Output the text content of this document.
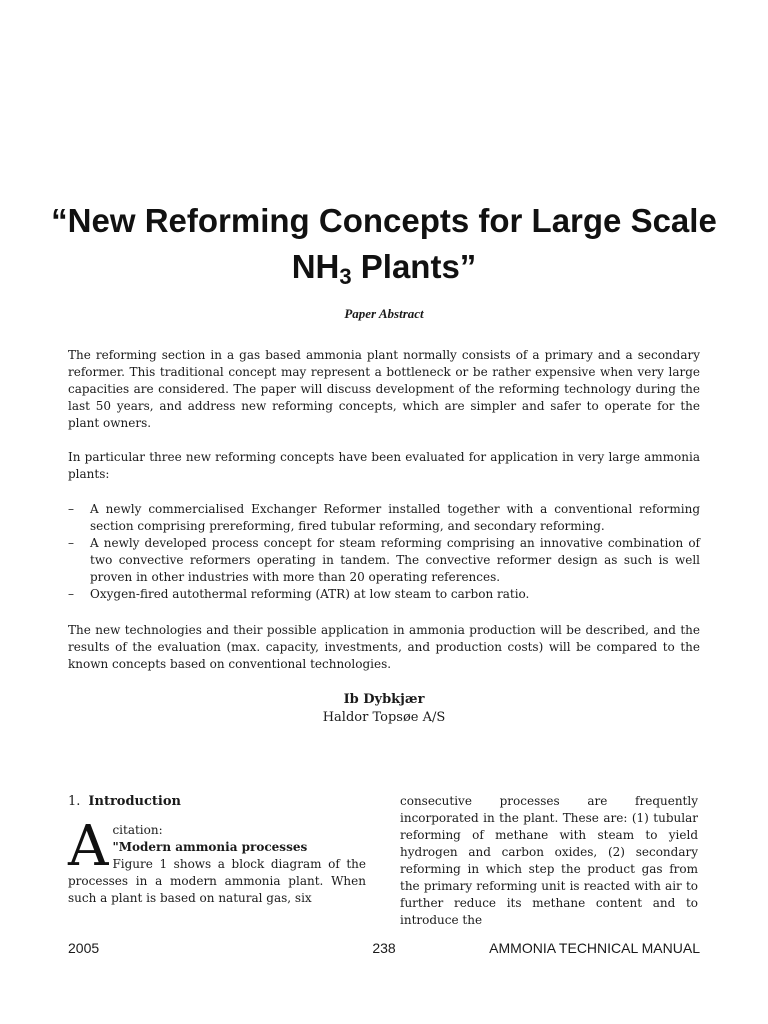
“New Reforming Concepts for Large Scale $NH_3$ Plants”
Paper Abstract

The reforming section in a gas based ammonia plant normally consists of a primary and a secondary reformer. This traditional concept may represent a bottleneck or be rather expensive when very large capacities are considered. The paper will discuss development of the reforming technology during the last 50 years, and address new reforming concepts, which are simpler and safer to operate for the plant owners.

In particular three new reforming concepts have been evaluated for application in very large ammonia plants:

– A newly commercialised Exchanger Reformer installed together with a conventional reforming section comprising prereforming, fired tubular reforming, and secondary reforming.
– A newly developed process concept for steam reforming comprising an innovative combination of two convective reformers operating in tandem. The convective reformer design as such is well proven in other industries with more than 20 operating references.
– Oxygen-fired autothermal reforming (ATR) at low steam to carbon ratio.

The new technologies and their possible application in ammonia production will be described, and the results of the evaluation (max. capacity, investments, and production costs) will be compared to the known concepts based on conventional technologies.

Ib Dybkjær
Haldor Topsøe A/S
1. Introduction

Acitation:
"Modern ammonia processes
Figure 1 shows a block diagram of the processes in a modern ammonia plant. When such a plant is based on natural gas, six

consecutive processes are frequently incorporated in the plant. These are: (1) tubular reforming of methane with steam to yield hydrogen and carbon oxides, (2) secondary reforming in which step the product gas from the primary reforming unit is reacted with air to further reduce its methane content and to introduce the

2005	238	AMMONIA TECHNICAL MANUAL
